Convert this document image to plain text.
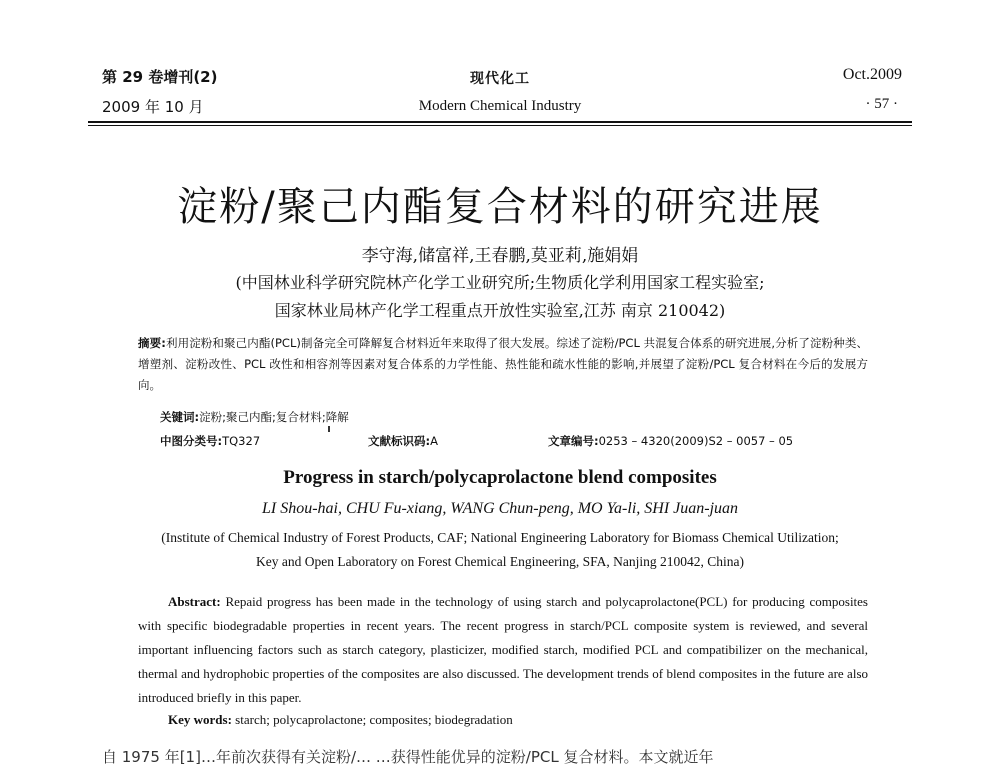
第 29 卷增刊(2)
2009 年 10 月
现代化工
Modern Chemical Industry
Oct.2009
· 57 ·
淀粉/聚己内酯复合材料的研究进展
李守海,储富祥,王春鹏,莫亚莉,施娟娟
(中国林业科学研究院林产化学工业研究所;生物质化学利用国家工程实验室;
国家林业局林产化学工程重点开放性实验室,江苏 南京 210042)
摘要:利用淀粉和聚己内酯(PCL)制备完全可降解复合材料近年来取得了很大发展。综述了淀粉/PCL 共混复合体系的研究进展,分析了淀粉种类、增塑剂、淀粉改性、PCL 改性和相容剂等因素对复合体系的力学性能、热性能和疏水性能的影响,并展望了淀粉/PCL 复合材料在今后的发展方向。
关键词:淀粉;聚己内酯;复合材料;降解
中图分类号:TQ327	文献标识码:A	文章编号:0253 – 4320(2009)S2 – 0057 – 05
Progress in starch/polycaprolactone blend composites
LI Shou-hai, CHU Fu-xiang, WANG Chun-peng, MO Ya-li, SHI Juan-juan
(Institute of Chemical Industry of Forest Products, CAF; National Engineering Laboratory for Biomass Chemical Utilization;
Key and Open Laboratory on Forest Chemical Engineering, SFA, Nanjing 210042, China)
Abstract: Repaid progress has been made in the technology of using starch and polycaprolactone(PCL) for producing composites with specific biodegradable properties in recent years. The recent progress in starch/PCL composite system is reviewed, and several important influencing factors such as starch category, plasticizer, modified starch, modified PCL and compatibilizer on the mechanical, thermal and hydrophobic properties of the composites are also discussed. The development trends of blend composites in the future are also introduced briefly in this paper.
Key words: starch; polycaprolactone; composites; biodegradation
自 1975 年[1]…年前次获得有关淀粉/… …获得性能优异的淀粉/PCL 复合材料。本文就近年
